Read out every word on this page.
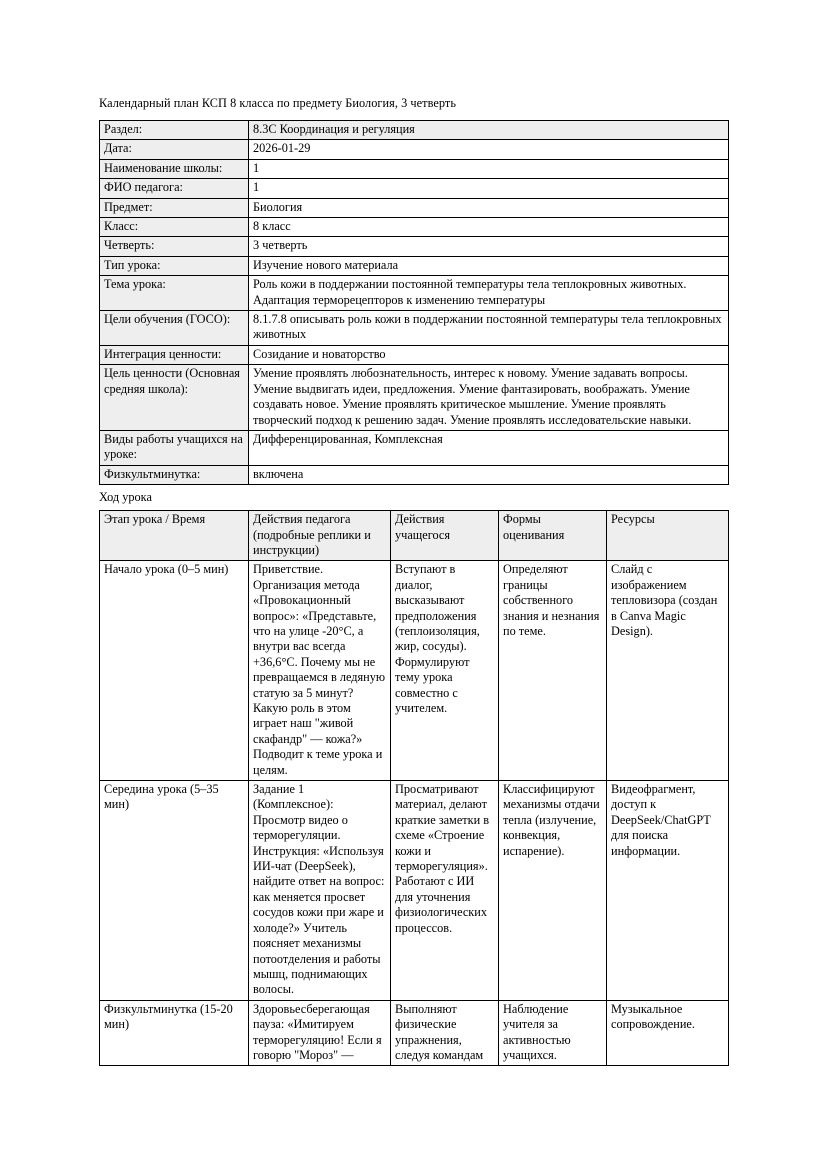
Календарный план КСП 8 класса по предмету Биология, 3 четверть

Раздел:	8.3C Координация и регуляция
Дата:	2026-01-29
Наименование школы:	1
ФИО педагога:	1
Предмет:	Биология
Класс:	8 класс
Четверть:	3 четверть
Тип урока:	Изучение нового материала
Тема урока:	Роль кожи в поддержании постоянной температуры тела теплокровных животных. Адаптация терморецепторов к изменению температуры
Цели обучения (ГОСО):	8.1.7.8 описывать роль кожи в поддержании постоянной температуры тела теплокровных животных
Интеграция ценности:	Созидание и новаторство
Цель ценности (Основная средняя школа):	Умение проявлять любознательность, интерес к новому. Умение задавать вопросы. Умение выдвигать идеи, предложения. Умение фантазировать, воображать. Умение создавать новое. Умение проявлять критическое мышление. Умение проявлять творческий подход к решению задач. Умение проявлять исследовательские навыки.
Виды работы учащихся на уроке:	Дифференцированная, Комплексная
Физкультминутка:	включена

Ход урока

Этап урока / Время	Действия педагога (подробные реплики и инструкции)	Действия учащегося	Формы оценивания	Ресурсы
Начало урока (0–5 мин)	Приветствие. Организация метода «Провокационный вопрос»: «Представьте, что на улице -20°C, а внутри вас всегда +36,6°C. Почему мы не превращаемся в ледяную статую за 5 минут? Какую роль в этом играет наш "живой скафандр" — кожа?» Подводит к теме урока и целям.	Вступают в диалог, высказывают предположения (теплоизоляция, жир, сосуды). Формулируют тему урока совместно с учителем.	Определяют границы собственного знания и незнания по теме.	Слайд с изображением тепловизора (создан в Canva Magic Design).
Середина урока (5–35 мин)	Задание 1 (Комплексное): Просмотр видео о терморегуляции. Инструкция: «Используя ИИ-чат (DeepSeek), найдите ответ на вопрос: как меняется просвет сосудов кожи при жаре и холоде?» Учитель поясняет механизмы потоотделения и работы мышц, поднимающих волосы.	Просматривают материал, делают краткие заметки в схеме «Строение кожи и терморегуляция». Работают с ИИ для уточнения физиологических процессов.	Классифицируют механизмы отдачи тепла (излучение, конвекция, испарение).	Видеофрагмент, доступ к DeepSeek/ChatGPT для поиска информации.

Физкультминутка (15-20 мин)	Здоровьесберегающая пауза: «Имитируем терморегуляцию! Если я говорю "Мороз" —	Выполняют физические упражнения, следуя командам	Наблюдение учителя за активностью учащихся.	Музыкальное сопровождение.
